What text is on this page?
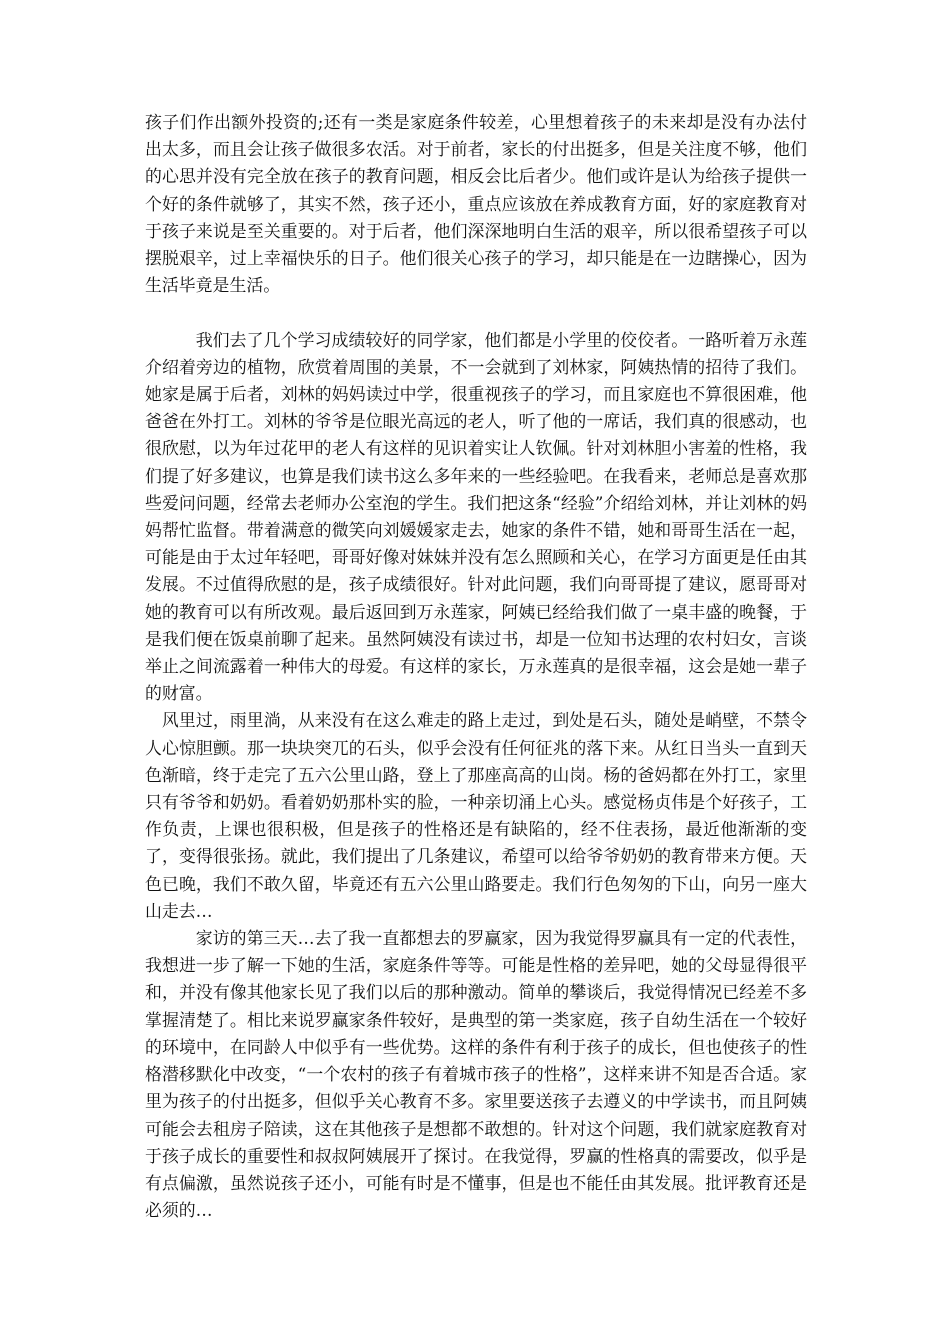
孩子们作出额外投资的;还有一类是家庭条件较差，心里想着孩子的未来却是没有办法付出太多，而且会让孩子做很多农活。对于前者，家长的付出挺多，但是关注度不够，他们的心思并没有完全放在孩子的教育问题，相反会比后者少。他们或许是认为给孩子提供一个好的条件就够了，其实不然，孩子还小，重点应该放在养成教育方面，好的家庭教育对于孩子来说是至关重要的。对于后者，他们深深地明白生活的艰辛，所以很希望孩子可以摆脱艰辛，过上幸福快乐的日子。他们很关心孩子的学习，却只能是在一边瞎操心，因为生活毕竟是生活。

我们去了几个学习成绩较好的同学家，他们都是小学里的佼佼者。一路听着万永莲介绍着旁边的植物，欣赏着周围的美景，不一会就到了刘林家，阿姨热情的招待了我们。她家是属于后者，刘林的妈妈读过中学，很重视孩子的学习，而且家庭也不算很困难，他爸爸在外打工。刘林的爷爷是位眼光高远的老人，听了他的一席话，我们真的很感动，也很欣慰，以为年过花甲的老人有这样的见识着实让人钦佩。针对刘林胆小害羞的性格，我们提了好多建议，也算是我们读书这么多年来的一些经验吧。在我看来，老师总是喜欢那些爱问问题，经常去老师办公室泡的学生。我们把这条“经验”介绍给刘林，并让刘林的妈妈帮忙监督。带着满意的微笑向刘媛媛家走去，她家的条件不错，她和哥哥生活在一起，可能是由于太过年轻吧，哥哥好像对妹妹并没有怎么照顾和关心，在学习方面更是任由其发展。不过值得欣慰的是，孩子成绩很好。针对此问题，我们向哥哥提了建议，愿哥哥对她的教育可以有所改观。最后返回到万永莲家，阿姨已经给我们做了一桌丰盛的晚餐，于是我们便在饭桌前聊了起来。虽然阿姨没有读过书，却是一位知书达理的农村妇女，言谈举止之间流露着一种伟大的母爱。有这样的家长，万永莲真的是很幸福，这会是她一辈子的财富。

风里过，雨里淌，从来没有在这么难走的路上走过，到处是石头，随处是峭壁，不禁令人心惊胆颤。那一块块突兀的石头，似乎会没有任何征兆的落下来。从红日当头一直到天色渐暗，终于走完了五六公里山路，登上了那座高高的山岗。杨的爸妈都在外打工，家里只有爷爷和奶奶。看着奶奶那朴实的脸，一种亲切涌上心头。感觉杨贞伟是个好孩子，工作负责，上课也很积极，但是孩子的性格还是有缺陷的，经不住表扬，最近他渐渐的变了，变得很张扬。就此，我们提出了几条建议，希望可以给爷爷奶奶的教育带来方便。天色已晚，我们不敢久留，毕竟还有五六公里山路要走。我们行色匆匆的下山，向另一座大山走去…

家访的第三天…去了我一直都想去的罗赢家，因为我觉得罗赢具有一定的代表性，我想进一步了解一下她的生活，家庭条件等等。可能是性格的差异吧，她的父母显得很平和，并没有像其他家长见了我们以后的那种激动。简单的攀谈后，我觉得情况已经差不多掌握清楚了。相比来说罗赢家条件较好，是典型的第一类家庭，孩子自幼生活在一个较好的环境中，在同龄人中似乎有一些优势。这样的条件有利于孩子的成长，但也使孩子的性格潜移默化中改变，“一个农村的孩子有着城市孩子的性格”，这样来讲不知是否合适。家里为孩子的付出挺多，但似乎关心教育不多。家里要送孩子去遵义的中学读书，而且阿姨可能会去租房子陪读，这在其他孩子是想都不敢想的。针对这个问题，我们就家庭教育对于孩子成长的重要性和叔叔阿姨展开了探讨。在我觉得，罗赢的性格真的需要改，似乎是有点偏激，虽然说孩子还小，可能有时是不懂事，但是也不能任由其发展。批评教育还是必须的…
